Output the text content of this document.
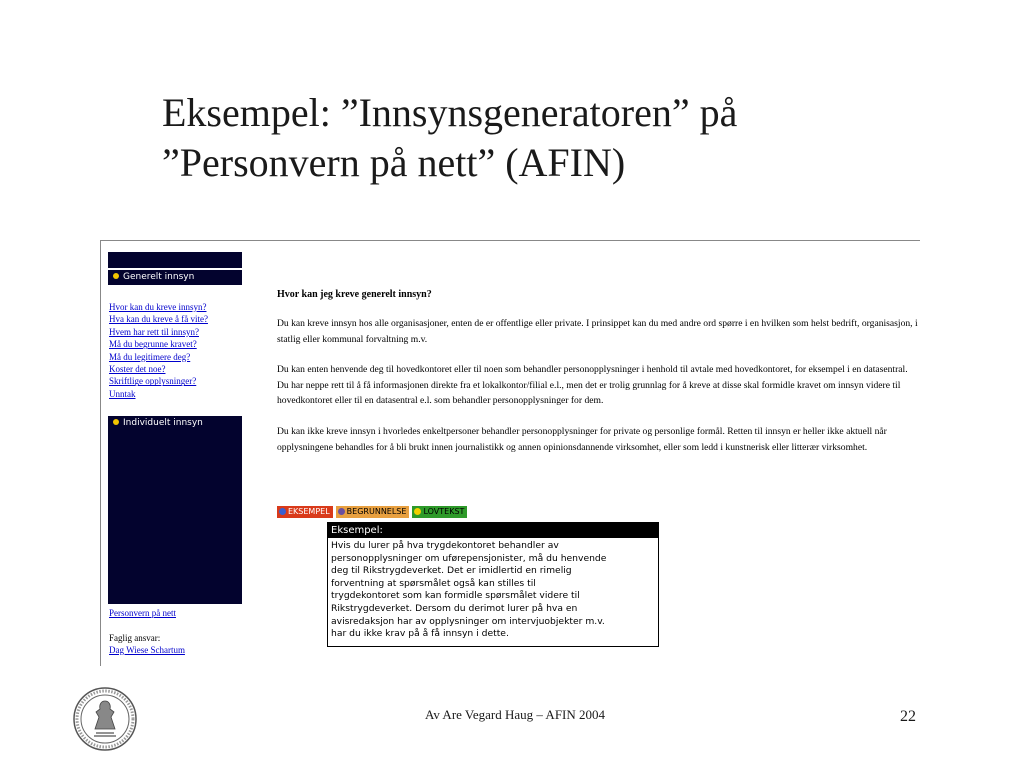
Eksempel: ”Innsynsgeneratoren” på
”Personvern på nett” (AFIN)
Generelt innsyn
Hvor kan du kreve innsyn?
Hva kan du kreve å få vite?
Hvem har rett til innsyn?
Må du begrunne kravet?
Må du legitimere deg?
Koster det noe?
Skriftlige opplysninger?
Unntak
Individuelt innsyn
Personvern på nett
Faglig ansvar:
Dag Wiese Schartum
Hvor kan jeg kreve generelt innsyn?

Du kan kreve innsyn hos alle organisasjoner, enten de er offentlige eller private. I prinsippet kan du med andre ord spørre i en hvilken som helst bedrift, organisasjon, i statlig eller kommunal forvaltning m.v.

Du kan enten henvende deg til hovedkontoret eller til noen som behandler personopplysninger i henhold til avtale med hovedkontoret, for eksempel i en datasentral. Du har neppe rett til å få informasjonen direkte fra et lokalkontor/filial e.l., men det er trolig grunnlag for å kreve at disse skal formidle kravet om innsyn videre til hovedkontoret eller til en datasentral e.l. som behandler personopplysninger for dem.

Du kan ikke kreve innsyn i hvorledes enkeltpersoner behandler personopplysninger for private og personlige formål. Retten til innsyn er heller ikke aktuell når opplysningene behandles for å bli brukt innen journalistikk og annen opinionsdannende virksomhet, eller som ledd i kunstnerisk eller litterær virksomhet.

EKSEMPEL BEGRUNNELSE LOVTEKST
Eksempel:
Hvis du lurer på hva trygdekontoret behandler av
personopplysninger om uførepensjonister, må du henvende
deg til Rikstrygdeverket. Det er imidlertid en rimelig
forventning at spørsmålet også kan stilles til
trygdekontoret som kan formidle spørsmålet videre til
Rikstrygdeverket. Dersom du derimot lurer på hva en
avisredaksjon har av opplysninger om intervjuobjekter m.v.
har du ikke krav på å få innsyn i dette.
Av Are Vegard Haug – AFIN 2004	22
